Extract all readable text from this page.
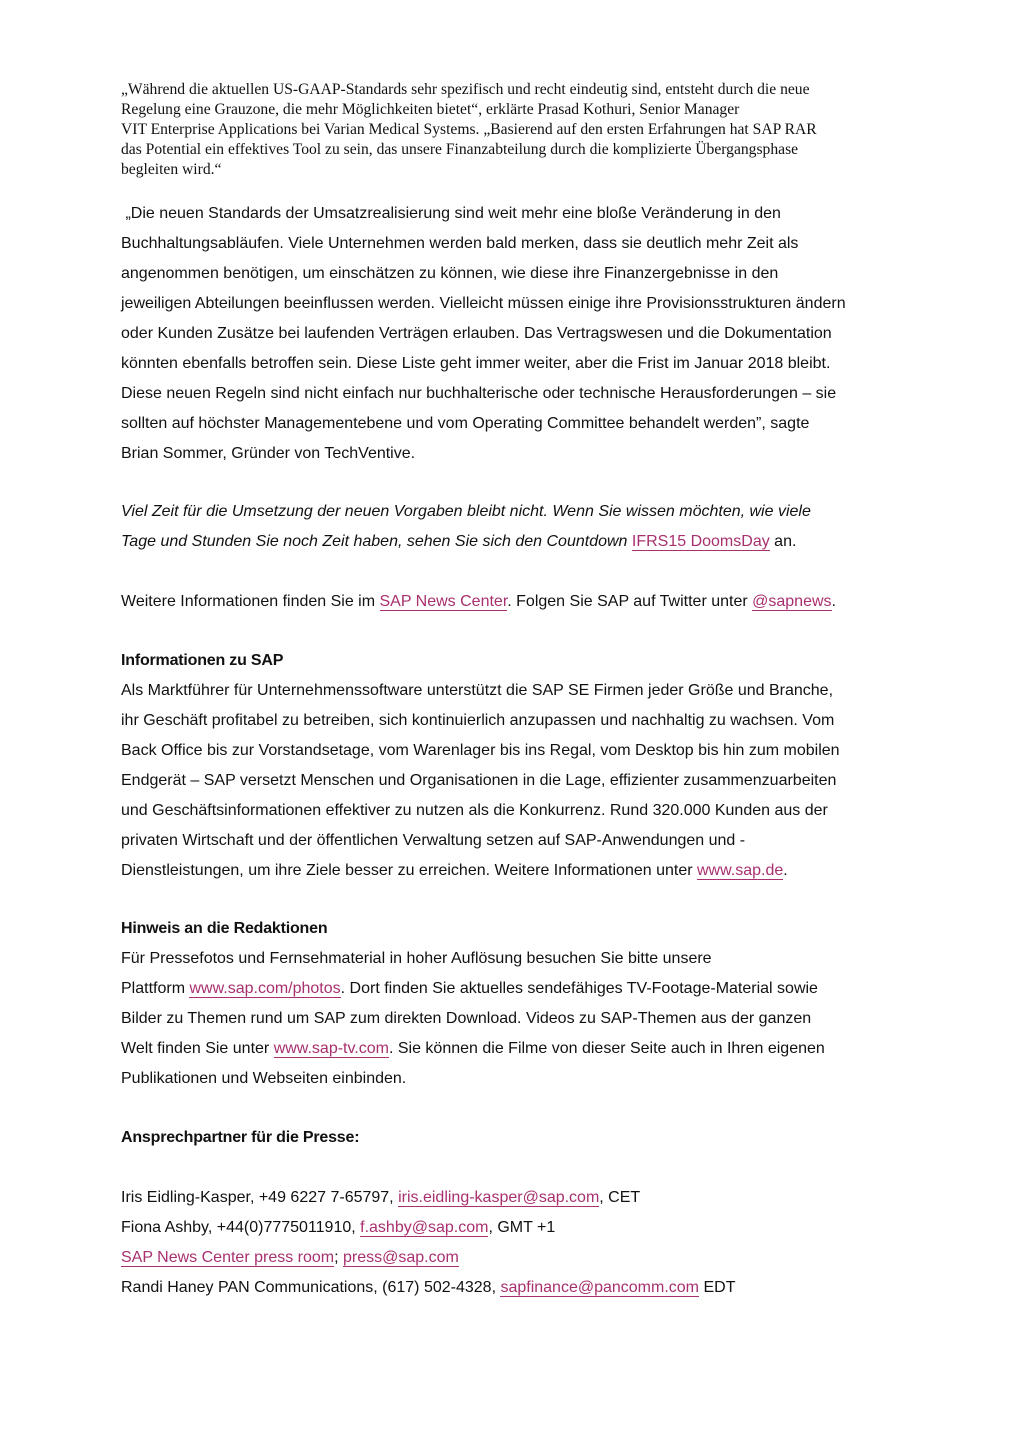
„Während die aktuellen US-GAAP-Standards sehr spezifisch und recht eindeutig sind, entsteht durch die neue
Regelung eine Grauzone, die mehr Möglichkeiten bietet“, erklärte Prasad Kothuri, Senior Manager
VIT Enterprise Applications bei Varian Medical Systems. „Basierend auf den ersten Erfahrungen hat SAP RAR
das Potential ein effektives Tool zu sein, das unsere Finanzabteilung durch die komplizierte Übergangsphase
begleiten wird.“
„Die neuen Standards der Umsatzrealisierung sind weit mehr eine bloße Veränderung in den
Buchhaltungsabläufen. Viele Unternehmen werden bald merken, dass sie deutlich mehr Zeit als
angenommen benötigen, um einschätzen zu können, wie diese ihre Finanzergebnisse in den
jeweiligen Abteilungen beeinflussen werden. Vielleicht müssen einige ihre Provisionsstrukturen ändern
oder Kunden Zusätze bei laufenden Verträgen erlauben. Das Vertragswesen und die Dokumentation
könnten ebenfalls betroffen sein. Diese Liste geht immer weiter, aber die Frist im Januar 2018 bleibt.
Diese neuen Regeln sind nicht einfach nur buchhalterische oder technische Herausforderungen – sie
sollten auf höchster Managementebene und vom Operating Committee behandelt werden”, sagte
Brian Sommer, Gründer von TechVentive.
Viel Zeit für die Umsetzung der neuen Vorgaben bleibt nicht. Wenn Sie wissen möchten, wie viele
Tage und Stunden Sie noch Zeit haben, sehen Sie sich den Countdown IFRS15 DoomsDay an.
Weitere Informationen finden Sie im SAP News Center. Folgen Sie SAP auf Twitter unter @sapnews.
Informationen zu SAP
Als Marktführer für Unternehmenssoftware unterstützt die SAP SE Firmen jeder Größe und Branche,
ihr Geschäft profitabel zu betreiben, sich kontinuierlich anzupassen und nachhaltig zu wachsen. Vom
Back Office bis zur Vorstandsetage, vom Warenlager bis ins Regal, vom Desktop bis hin zum mobilen
Endgerät – SAP versetzt Menschen und Organisationen in die Lage, effizienter zusammenzuarbeiten
und Geschäftsinformationen effektiver zu nutzen als die Konkurrenz. Rund 320.000 Kunden aus der
privaten Wirtschaft und der öffentlichen Verwaltung setzen auf SAP-Anwendungen und -
Dienstleistungen, um ihre Ziele besser zu erreichen. Weitere Informationen unter www.sap.de.
Hinweis an die Redaktionen
Für Pressefotos und Fernsehmaterial in hoher Auflösung besuchen Sie bitte unsere
Plattform www.sap.com/photos. Dort finden Sie aktuelles sendefähiges TV-Footage-Material sowie
Bilder zu Themen rund um SAP zum direkten Download. Videos zu SAP-Themen aus der ganzen
Welt finden Sie unter www.sap-tv.com. Sie können die Filme von dieser Seite auch in Ihren eigenen
Publikationen und Webseiten einbinden.
Ansprechpartner für die Presse:
Iris Eidling-Kasper, +49 6227 7-65797, iris.eidling-kasper@sap.com, CET
Fiona Ashby, +44(0)7775011910, f.ashby@sap.com, GMT +1
SAP News Center press room; press@sap.com
Randi Haney PAN Communications, (617) 502-4328, sapfinance@pancomm.com EDT
